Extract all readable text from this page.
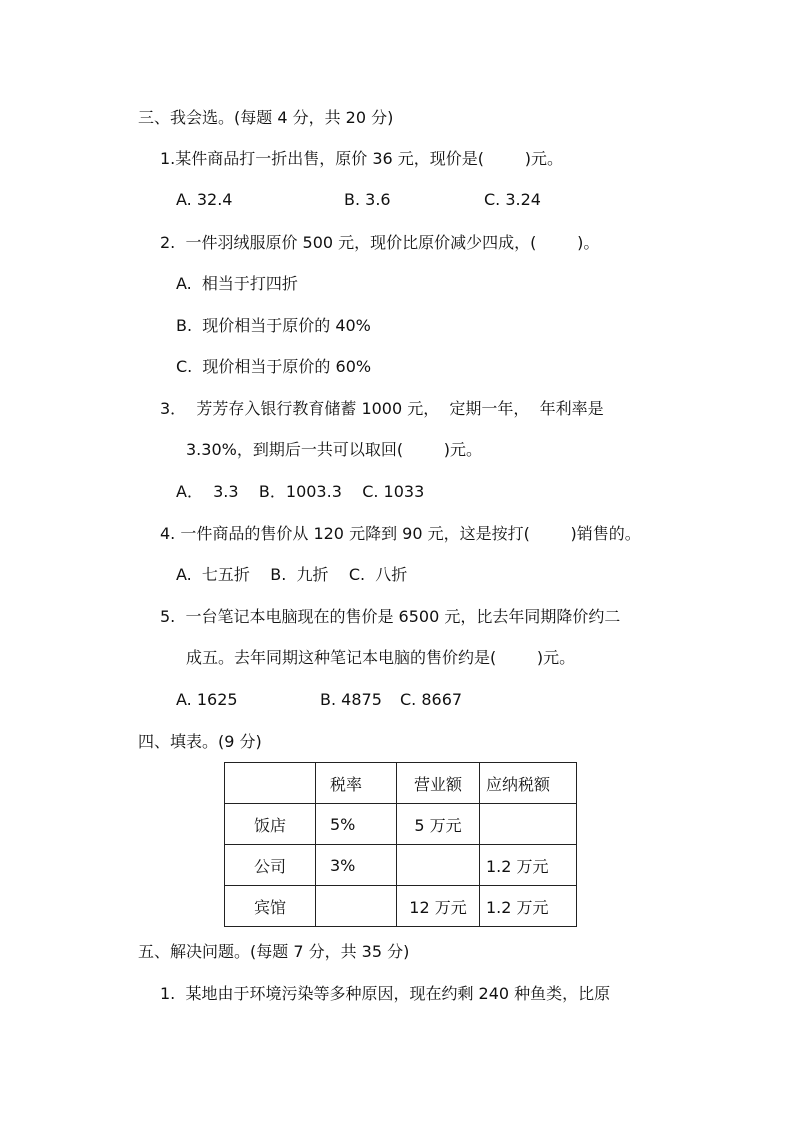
三、我会选。(每题 4 分，共 20 分)
1.某件商品打一折出售，原价 36 元，现价是(        )元。
A. 32.4	B. 3.6	C. 3.24
2.  一件羽绒服原价 500 元，现价比原价减少四成，(        )。
A.  相当于打四折
B.  现价相当于原价的 40%
C.  现价相当于原价的 60%
3．  芳芳存入银行教育储蓄 1000 元，  定期一年，  年利率是
3.30%，到期后一共可以取回(        )元。
A．  3.3    B．1003.3    C. 1033
4. 一件商品的售价从 120 元降到 90 元，这是按打(        )销售的。
A.  七五折    B.  九折    C.  八折
5.  一台笔记本电脑现在的售价是 6500 元，比去年同期降价约二
成五。去年同期这种笔记本电脑的售价约是(        )元。
A. 1625	B. 4875 C. 8667
四、填表。(9 分)
	税率	营业额	应纳税额
饭店	5%	5 万元	
公司	3%		1.2 万元
宾馆		12 万元	1.2 万元
五、解决问题。(每题 7 分，共 35 分)
1.  某地由于环境污染等多种原因，现在约剩 240 种鱼类，比原
